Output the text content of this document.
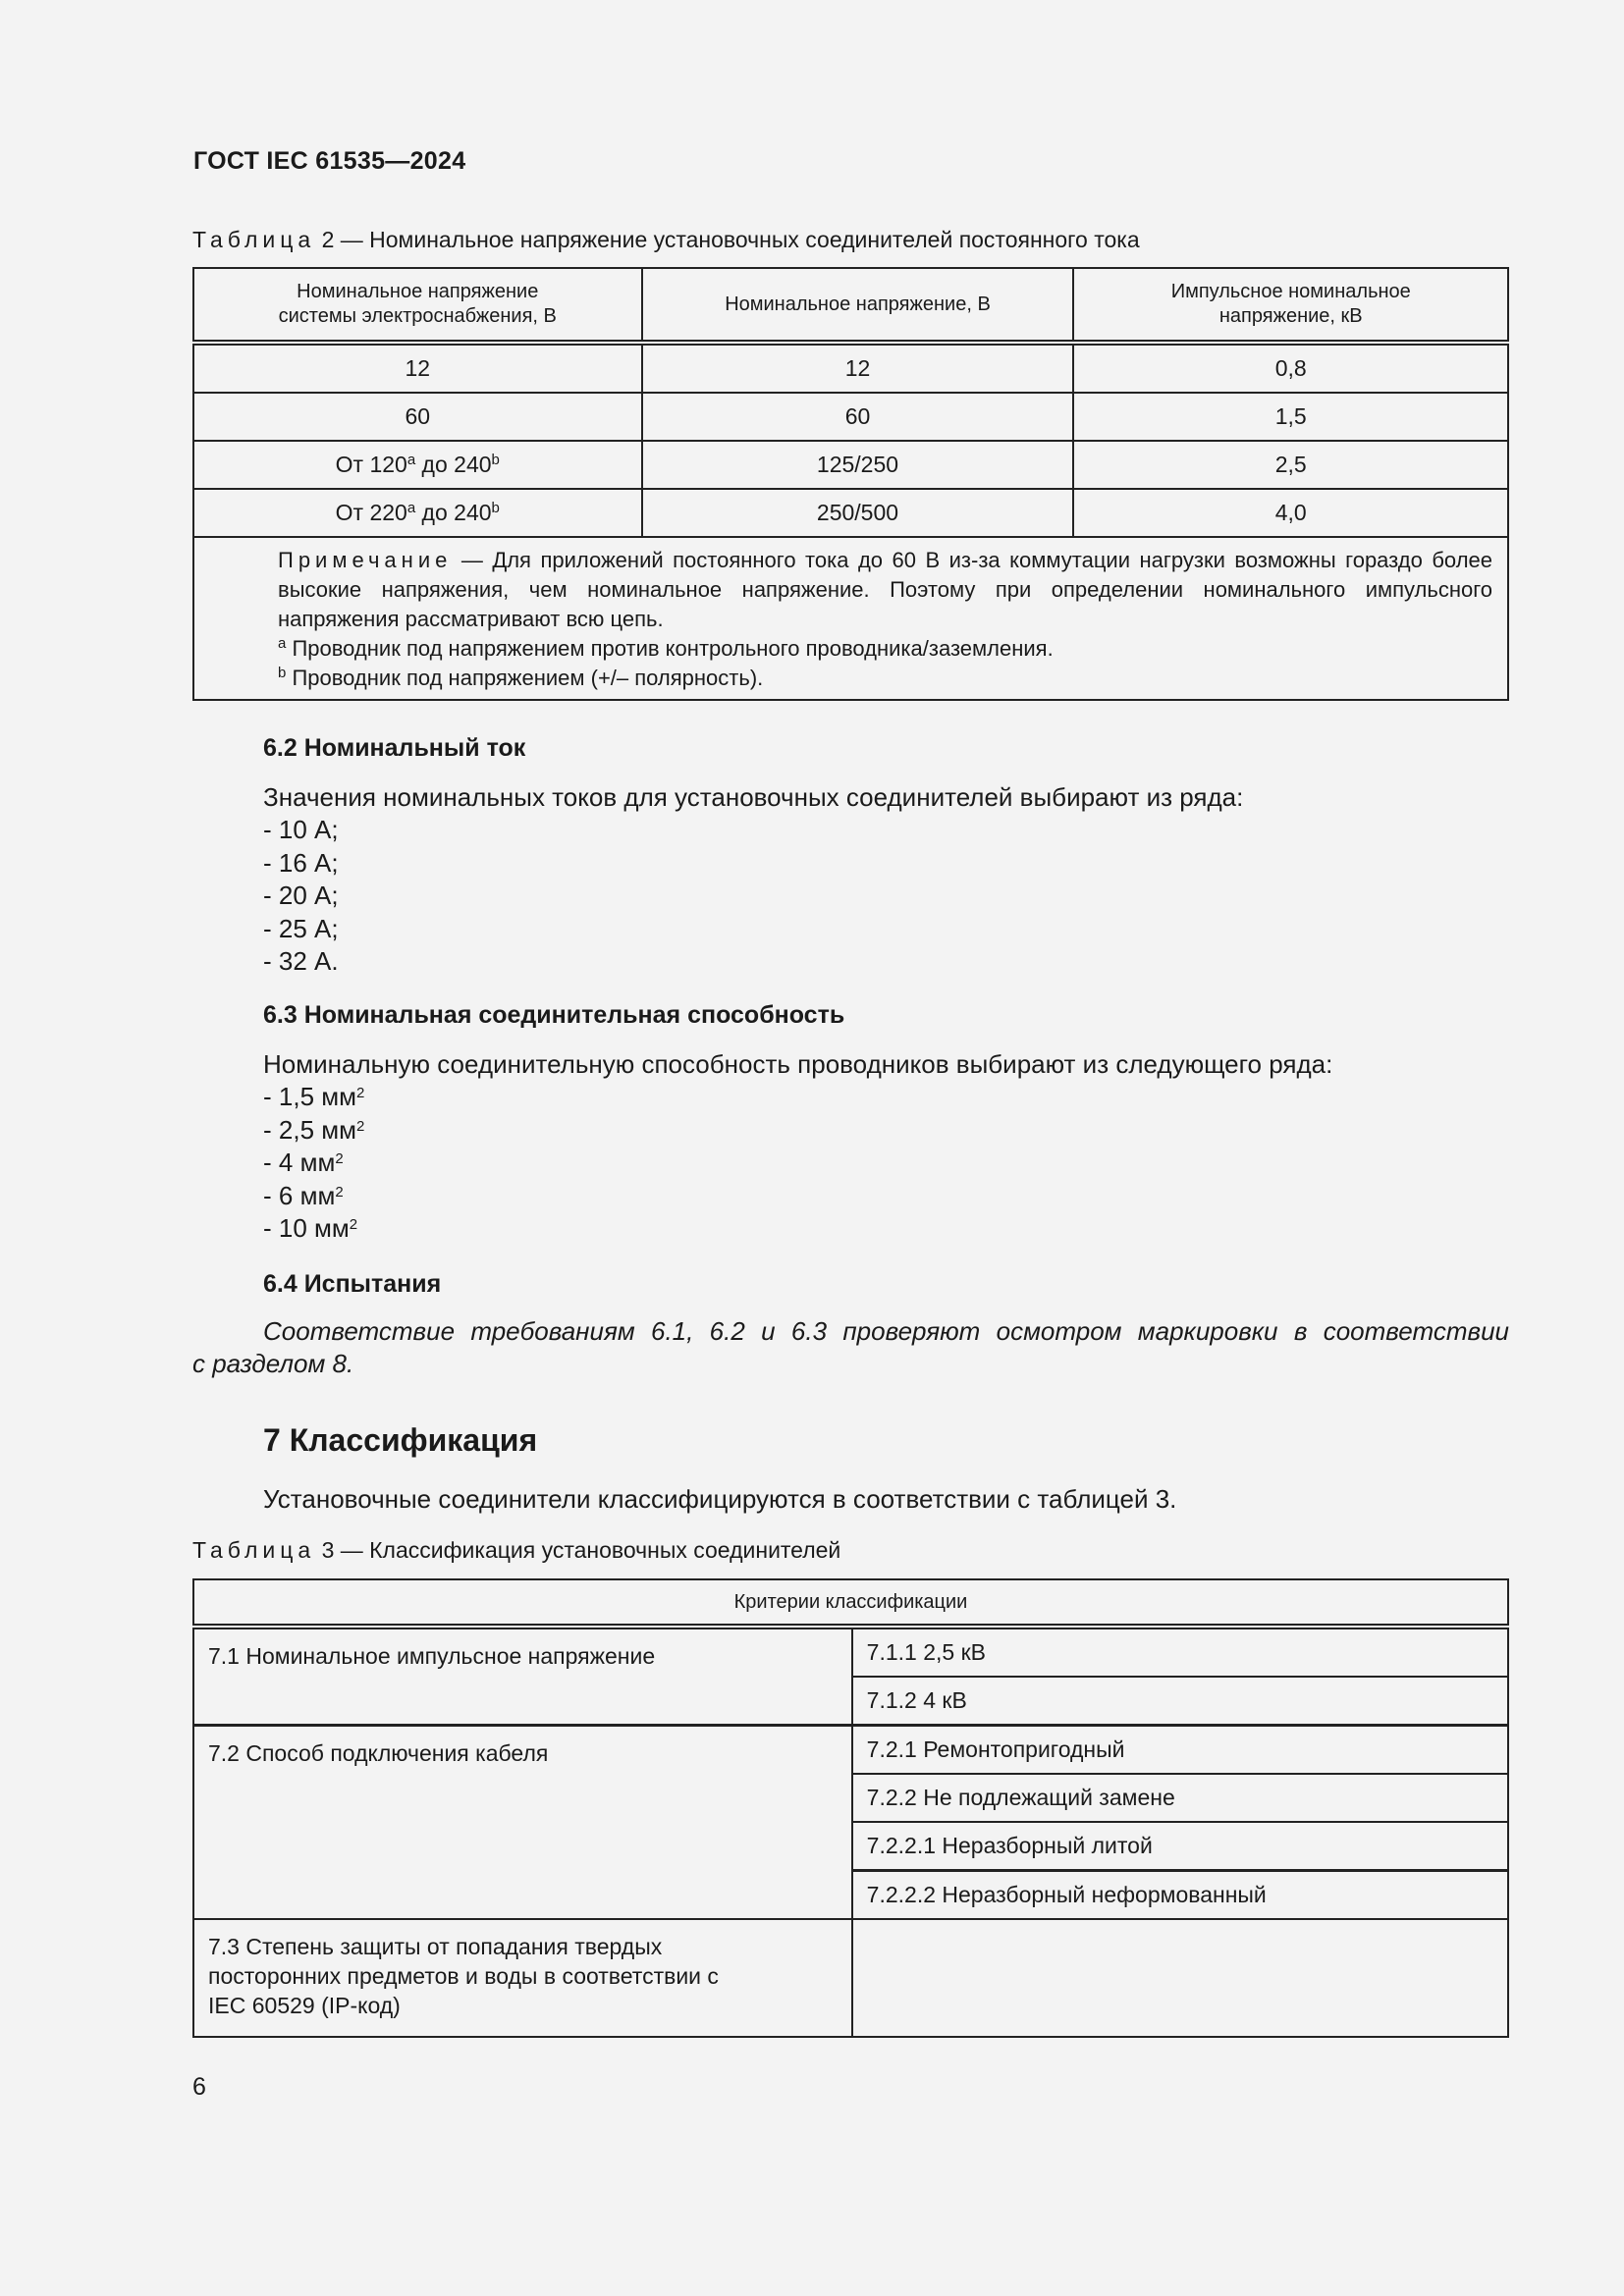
ГОСТ IEC 61535—2024
Таблица 2 — Номинальное напряжение установочных соединителей постоянного тока
Номинальное напряжение системы электроснабжения, В	Номинальное напряжение, В	Импульсное номинальное напряжение, кВ

12	12	0,8
60	60	1,5
От 120$^a$ до 240$^b$	125/250	2,5
От 220$^a$ до 240$^b$	250/500	4,0

Примечание — Для приложений постоянного тока до 60 В из-за коммутации нагрузки возможны гораздо более высокие напряжения, чем номинальное напряжение. Поэтому при определении номинального импульсного напряжения рассматривают всю цепь.

$^a$ Проводник под напряжением против контрольного проводника/заземления.

$^b$ Проводник под напряжением (+/– полярность).		

6.2 Номинальный ток
Значения номинальных токов для установочных соединителей выбирают из ряда:
- 10 А;
- 16 А;
- 20 А;
- 25 А;
- 32 А.
6.3 Номинальная соединительная способность
Номинальную соединительную способность проводников выбирают из следующего ряда:
- 1,5 $мм^2$
- 2,5 $мм^2$
- 4 $мм^2$
- 6 $мм^2$
- 10 $мм^2$
6.4 Испытания
Соответствие требованиям 6.1, 6.2 и 6.3 проверяют осмотром маркировки в соответствии
с разделом 8.
7 Классификация
Установочные соединители классифицируются в соответствии с таблицей 3.
Таблица 3 — Классификация установочных соединителей
Критерии классификации	
7.1 Номинальное импульсное напряжение	7.1.1 2,5 кВ
	7.1.2 4 кВ
7.2 Способ подключения кабеля	7.2.1 Ремонтопригодный
	7.2.2 Не подлежащий замене
	7.2.2.1 Неразборный литой
	7.2.2.2 Неразборный неформованный

7.3 Степень защиты от попадания твердых посторонних предметов и воды в соответствии с IEC 60529 (IP-код)	

6
